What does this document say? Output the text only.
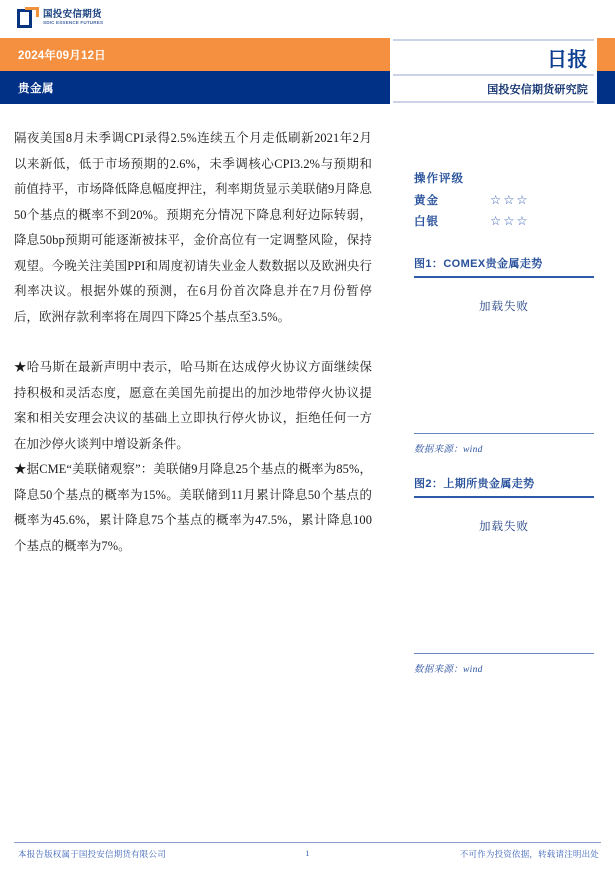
国投安信期货
SDIC ESSENCE FUTURES
2024年09月12日
贵金属
日报
国投安信期货研究院

隔夜美国8月未季调CPI录得2.5%连续五个月走低刷新2021年2月以来新低，低于市场预期的2.6%，未季调核心CPI3.2%与预期和前值持平，市场降低降息幅度押注，利率期货显示美联储9月降息50个基点的概率不到20%。预期充分情况下降息利好边际转弱，降息50bp预期可能逐渐被抹平，金价高位有一定调整风险，保持观望。今晚关注美国PPI和周度初请失业金人数数据以及欧洲央行利率决议。根据外媒的预测，在6月份首次降息并在7月份暂停后，欧洲存款利率将在周四下降25个基点至3.5%。

★哈马斯在最新声明中表示，哈马斯在达成停火协议方面继续保持积极和灵活态度，愿意在美国先前提出的加沙地带停火协议提案和相关安理会决议的基础上立即执行停火协议，拒绝任何一方在加沙停火谈判中增设新条件。

★据CME“美联储观察”：美联储9月降息25个基点的概率为85%，降息50个基点的概率为15%。美联储到11月累计降息50个基点的概率为45.6%，累计降息75个基点的概率为47.5%，累计降息100个基点的概率为7%。

操作评级
黄金	☆☆☆
白银	☆☆☆
图1：COMEX贵金属走势
加载失败
数据来源：wind
图2：上期所贵金属走势
加载失败
数据来源：wind
本报告版权属于国投安信期货有限公司	1	不可作为投资依据，转载请注明出处
